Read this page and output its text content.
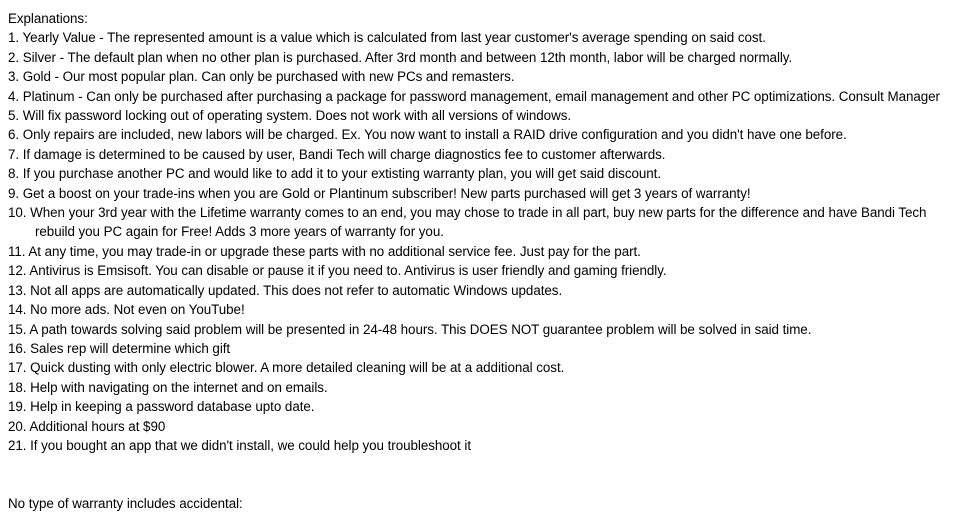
Explanations:
1. Yearly Value - The represented amount is a value which is calculated from last year customer's average spending on said cost.
2. Silver - The default plan when no other plan is purchased. After 3rd month and between 12th month, labor will be charged normally.
3. Gold - Our most popular plan. Can only be purchased with new PCs and remasters.
4. Platinum - Can only be purchased after purchasing a package for password management, email management and other PC optimizations. Consult Manager
5. Will fix password locking out of operating system. Does not work with all versions of windows.
6. Only repairs are included, new labors will be charged. Ex. You now want to install a RAID drive configuration and you didn't have one before.
7. If damage is determined to be caused by user, Bandi Tech will charge diagnostics fee to customer afterwards.
8. If you purchase another PC and would like to add it to your extisting warranty plan, you will get said discount.
9. Get a boost on your trade-ins when you are Gold or Plantinum subscriber! New parts purchased will get 3 years of warranty!
10. When your 3rd year with the Lifetime warranty comes to an end, you may chose to trade in all part, buy new parts for the difference and have Bandi Tech
rebuild you PC again for Free! Adds 3 more years of warranty for you.
11. At any time, you may trade-in or upgrade these parts with no additional service fee. Just pay for the part.
12. Antivirus is Emsisoft. You can disable or pause it if you need to. Antivirus is user friendly and gaming friendly.
13. Not all apps are automatically updated. This does not refer to automatic Windows updates.
14. No more ads. Not even on YouTube!
15. A path towards solving said problem will be presented in 24-48 hours. This DOES NOT guarantee problem will be solved in said time.
16. Sales rep will determine which gift
17. Quick dusting with only electric blower. A more detailed cleaning will be at a additional cost.
18. Help with navigating on the internet and on emails.
19. Help in keeping a password database upto date.
20. Additional hours at $90
21. If you bought an app that we didn't install, we could help you troubleshoot it
No type of warranty includes accidental:
